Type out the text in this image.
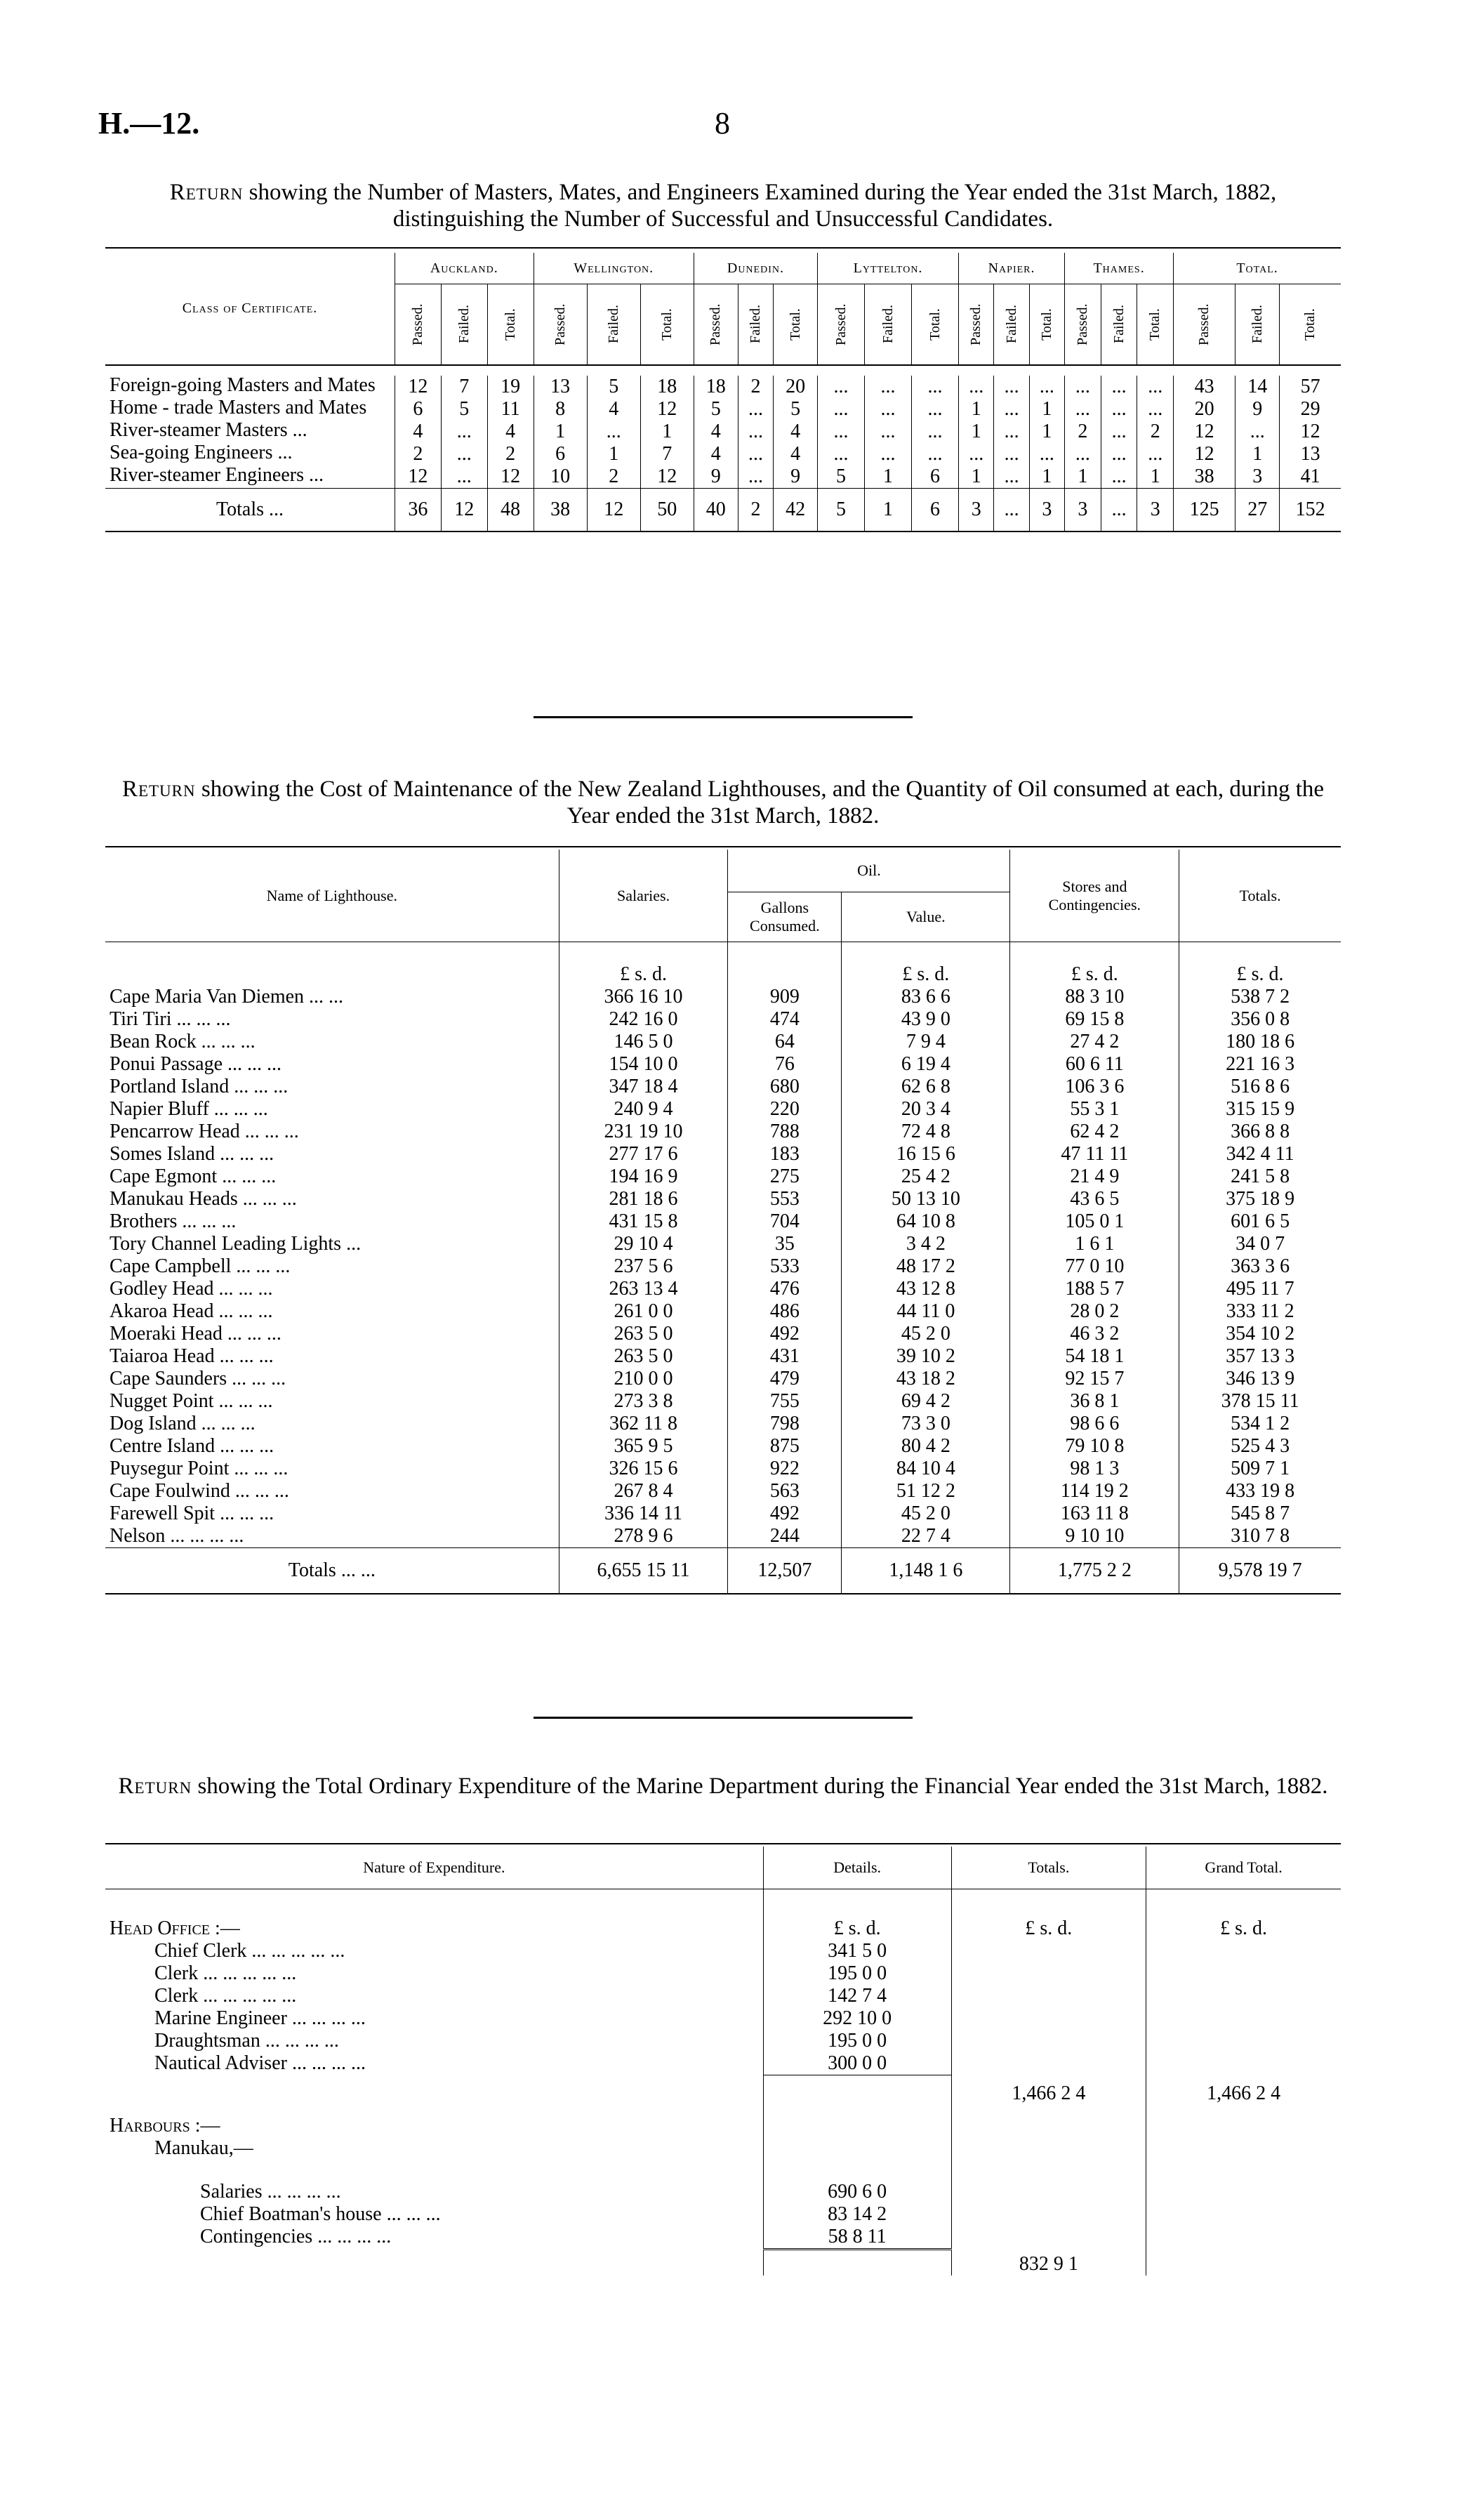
H.—12.	8
Return showing the Number of Masters, Mates, and Engineers Examined during the Year ended the 31st March, 1882, distinguishing the Number of Successful and Unsuccessful Candidates.
Class of Certificate.	Auckland.			Wellington.			Dunedin.			Lyttelton.			Napier.			Thames.			Total.		

	Passed.	Failed.	Total.	Passed.	Failed.	Total.	Passed.	Failed.	Total.	Passed.	Failed.	Total.	Passed.	Failed.	Total.	Passed.	Failed.	Total.	Passed.	Failed.	Total.

Foreign-going Masters and Mates	12	7	19	13	5	18	18	2	20	...	...	...	...	...	...	...	...	...	43	14	57
Home - trade Masters and Mates	6	5	11	8	4	12	5	...	5	...	...	...	1	...	1	...	...	...	20	9	29
River-steamer Masters ...	4	...	4	1	...	1	4	...	4	...	...	...	1	...	1	2	...	2	12	...	12
Sea-going Engineers ...	2	...	2	6	1	7	4	...	4	...	...	...	...	...	...	...	...	...	12	1	13
River-steamer Engineers ...	12	...	12	10	2	12	9	...	9	5	1	6	1	...	1	1	...	1	38	3	41
Totals ...	36	12	48	38	12	50	40	2	42	5	1	6	3	...	3	3	...	3	125	27	152
Return showing the Cost of Maintenance of the New Zealand Lighthouses, and the Quantity of Oil consumed at each, during the Year ended the 31st March, 1882.
Name of Lighthouse.	Salaries.	Oil.		Stores and Contingencies.	Totals.
		Gallons Consumed.	Value.		
	£ s. d.		£ s. d.	£ s. d.	£ s. d.
Cape Maria Van Diemen ... ...	366 16 10	909	83 6 6	88 3 10	538 7 2
Tiri Tiri ... ... ...	242 16 0	474	43 9 0	69 15 8	356 0 8
Bean Rock ... ... ...	146 5 0	64	7 9 4	27 4 2	180 18 6
Ponui Passage ... ... ...	154 10 0	76	6 19 4	60 6 11	221 16 3
Portland Island ... ... ...	347 18 4	680	62 6 8	106 3 6	516 8 6
Napier Bluff ... ... ...	240 9 4	220	20 3 4	55 3 1	315 15 9
Pencarrow Head ... ... ...	231 19 10	788	72 4 8	62 4 2	366 8 8
Somes Island ... ... ...	277 17 6	183	16 15 6	47 11 11	342 4 11
Cape Egmont ... ... ...	194 16 9	275	25 4 2	21 4 9	241 5 8
Manukau Heads ... ... ...	281 18 6	553	50 13 10	43 6 5	375 18 9
Brothers ... ... ...	431 15 8	704	64 10 8	105 0 1	601 6 5
Tory Channel Leading Lights ...	29 10 4	35	3 4 2	1 6 1	34 0 7
Cape Campbell ... ... ...	237 5 6	533	48 17 2	77 0 10	363 3 6
Godley Head ... ... ...	263 13 4	476	43 12 8	188 5 7	495 11 7
Akaroa Head ... ... ...	261 0 0	486	44 11 0	28 0 2	333 11 2
Moeraki Head ... ... ...	263 5 0	492	45 2 0	46 3 2	354 10 2
Taiaroa Head ... ... ...	263 5 0	431	39 10 2	54 18 1	357 13 3
Cape Saunders ... ... ...	210 0 0	479	43 18 2	92 15 7	346 13 9
Nugget Point ... ... ...	273 3 8	755	69 4 2	36 8 1	378 15 11
Dog Island ... ... ...	362 11 8	798	73 3 0	98 6 6	534 1 2
Centre Island ... ... ...	365 9 5	875	80 4 2	79 10 8	525 4 3
Puysegur Point ... ... ...	326 15 6	922	84 10 4	98 1 3	509 7 1
Cape Foulwind ... ... ...	267 8 4	563	51 12 2	114 19 2	433 19 8
Farewell Spit ... ... ...	336 14 11	492	45 2 0	163 11 8	545 8 7
Nelson ... ... ... ...	278 9 6	244	22 7 4	9 10 10	310 7 8
Totals ... ...	6,655 15 11	12,507	1,148 1 6	1,775 2 2	9,578 19 7
Return showing the Total Ordinary Expenditure of the Marine Department during the Financial Year ended the 31st March, 1882.
Nature of Expenditure.	Details.	Totals.	Grand Total.

Head Office :—	£ s. d.	£ s. d.	£ s. d.
Chief Clerk ... ... ... ... ...	341 5 0		
Clerk ... ... ... ... ...	195 0 0		
Clerk ... ... ... ... ...	142 7 4		
Marine Engineer ... ... ... ...	292 10 0		
Draughtsman ... ... ... ...	195 0 0		
Nautical Adviser ... ... ... ...	300 0 0		
		1,466 2 4	1,466 2 4
Harbours :—			
Manukau,—			

Salaries ... ... ... ...	690 6 0		
Chief Boatman's house ... ... ...	83 14 2		
Contingencies ... ... ... ...	58 8 11		
		832 9 1	
